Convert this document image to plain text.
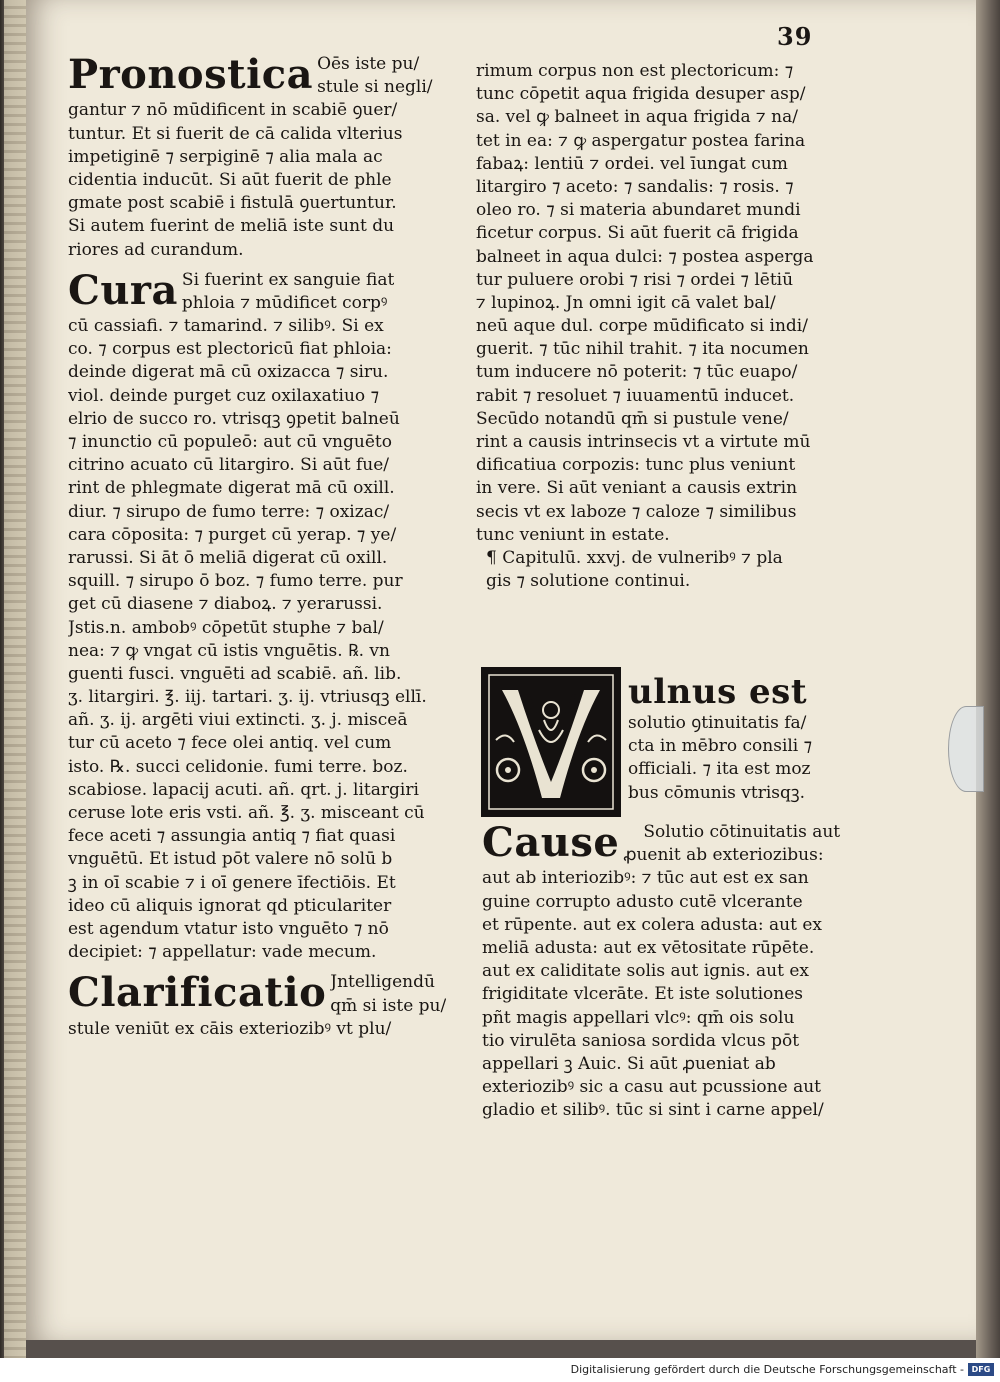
39
Pronostica Oēs iste pu/
stule si negli/
gantur ⁊ nō mūdificent in scabiē ꝯuer/
tuntur. Et si fuerit de cā calida vlterius
impetiginē ⁊ serpiginē ⁊ alia mala ac
cidentia inducūt. Si aūt fuerit de phle
gmate post scabiē i fistulā ꝯuertuntur.
Si autem fuerint de meliā iste sunt du
riores ad curandum.
Cura Si fuerint ex sanguie fiat
phloia ⁊ mūdificet corpꝰ
cū cassiafi. ⁊ tamarind. ⁊ silibꝰ. Si ex
co. ⁊ corpus est plectoricū fiat phloia:
deinde digerat mā cū oxizacca ⁊ siru.
viol. deinde purget cuz oxilaxatiuo ⁊
elrio de succo ro. vtrisqꝫ ꝯpetit balneū
⁊ inunctio cū populeō: aut cū vnguēto
citrino acuato cū litargiro. Si aūt fue/
rint de phlegmate digerat mā cū oxill.
diur. ⁊ sirupo de fumo terre: ⁊ oxizac/
cara cōposita: ⁊ purget cū yerap. ⁊ ye/
rarussi. Si āt ō meliā digerat cū oxill.
squill. ⁊ sirupo ō boz. ⁊ fumo terre. pur
get cū diasene ⁊ diaboꝝ. ⁊ yerarussi.
Jstis.n. ambobꝰ cōpetūt stuphe ⁊ bal/
nea: ⁊ ꝙ vngat cū istis vnguētis. ℞. vn
guenti fusci. vnguēti ad scabiē. añ. lib.
ʒ. litargiri. ℥. iij. tartari. ʒ. ij. vtriusqꝫ ellī.
añ. ʒ. ij. argēti viui extincti. ʒ. j. misceā
tur cū aceto ⁊ fece olei antiq. vel cum
isto. ℞. succi celidonie. fumi terre. boz.
scabiose. lapacij acuti. añ. qrt. j. litargiri
ceruse lote eris vsti. añ. ℥. ʒ. misceant cū
fece aceti ⁊ assungia antiq ⁊ fiat quasi
vnguētū. Et istud pōt valere nō solū b
ꝫ in oī scabie ⁊ i oī genere īfectiōis. Et
ideo cū aliquis ignorat qd pticulariter
est agendum vtatur isto vnguēto ⁊ nō
decipiet: ⁊ appellatur: vade mecum.
Clarificatio Jntelligendū
qm̄ si iste pu/
stule veniūt ex cāis exteriozibꝰ vt plu/
rimum corpus non est plectoricum: ⁊
tunc cōpetit aqua frigida desuper asp/
sa. vel ꝙ balneet in aqua frigida ⁊ na/
tet in ea: ⁊ ꝙ aspergatur postea farina
fabaꝝ: lentiū ⁊ ordei. vel īungat cum
litargiro ⁊ aceto: ⁊ sandalis: ⁊ rosis. ⁊
oleo ro. ⁊ si materia abundaret mundi
ficetur corpus. Si aūt fuerit cā frigida
balneet in aqua dulci: ⁊ postea asperga
tur puluere orobi ⁊ risi ⁊ ordei ⁊ lētiū
⁊ lupinoꝝ. Jn omni igit cā valet bal/
neū aque dul. corpe mūdificato si indi/
guerit. ⁊ tūc nihil trahit. ⁊ ita nocumen
tum inducere nō poterit: ⁊ tūc euapo/
rabit ⁊ resoluet ⁊ iuuamentū inducet.
Secūdo notandū qm̄ si pustule vene/
rint a causis intrinsecis vt a virtute mū
dificatiua corpozis: tunc plus veniunt
in vere. Si aūt veniant a causis extrin
secis vt ex laboze ⁊ caloze ⁊ similibus
tunc veniunt in estate.
¶ Capitulū. xxvj. de vulneribꝰ ⁊ pla
gis ⁊ solutione continui.
ulnus est
solutio ꝯtinuitatis fa/
cta in mēbro consili ⁊
officiali. ⁊ ita est moz
bus cōmunis vtrisqꝫ.
Cause	Solutio cōtinuitatis aut
ꝓuenit ab exteriozibus:
aut ab interiozibꝰ: ⁊ tūc aut est ex san
guine corrupto adusto cutē vlcerante
et rūpente. aut ex colera adusta: aut ex
meliā adusta: aut ex vētositate rūpēte.
aut ex caliditate solis aut ignis. aut ex
frigiditate vlcerāte. Et iste solutiones
pñt magis appellari vlcꝰ: qm̄ ois solu
tio virulēta saniosa sordida vlcus pōt
appellari ꝫ Auic. Si aūt ꝓueniat ab
exteriozibꝰ sic a casu aut pcussione aut
gladio et silibꝰ. tūc si sint i carne appel/
Digitalisierung gefördert durch die Deutsche Forschungsgemeinschaft - DFG
